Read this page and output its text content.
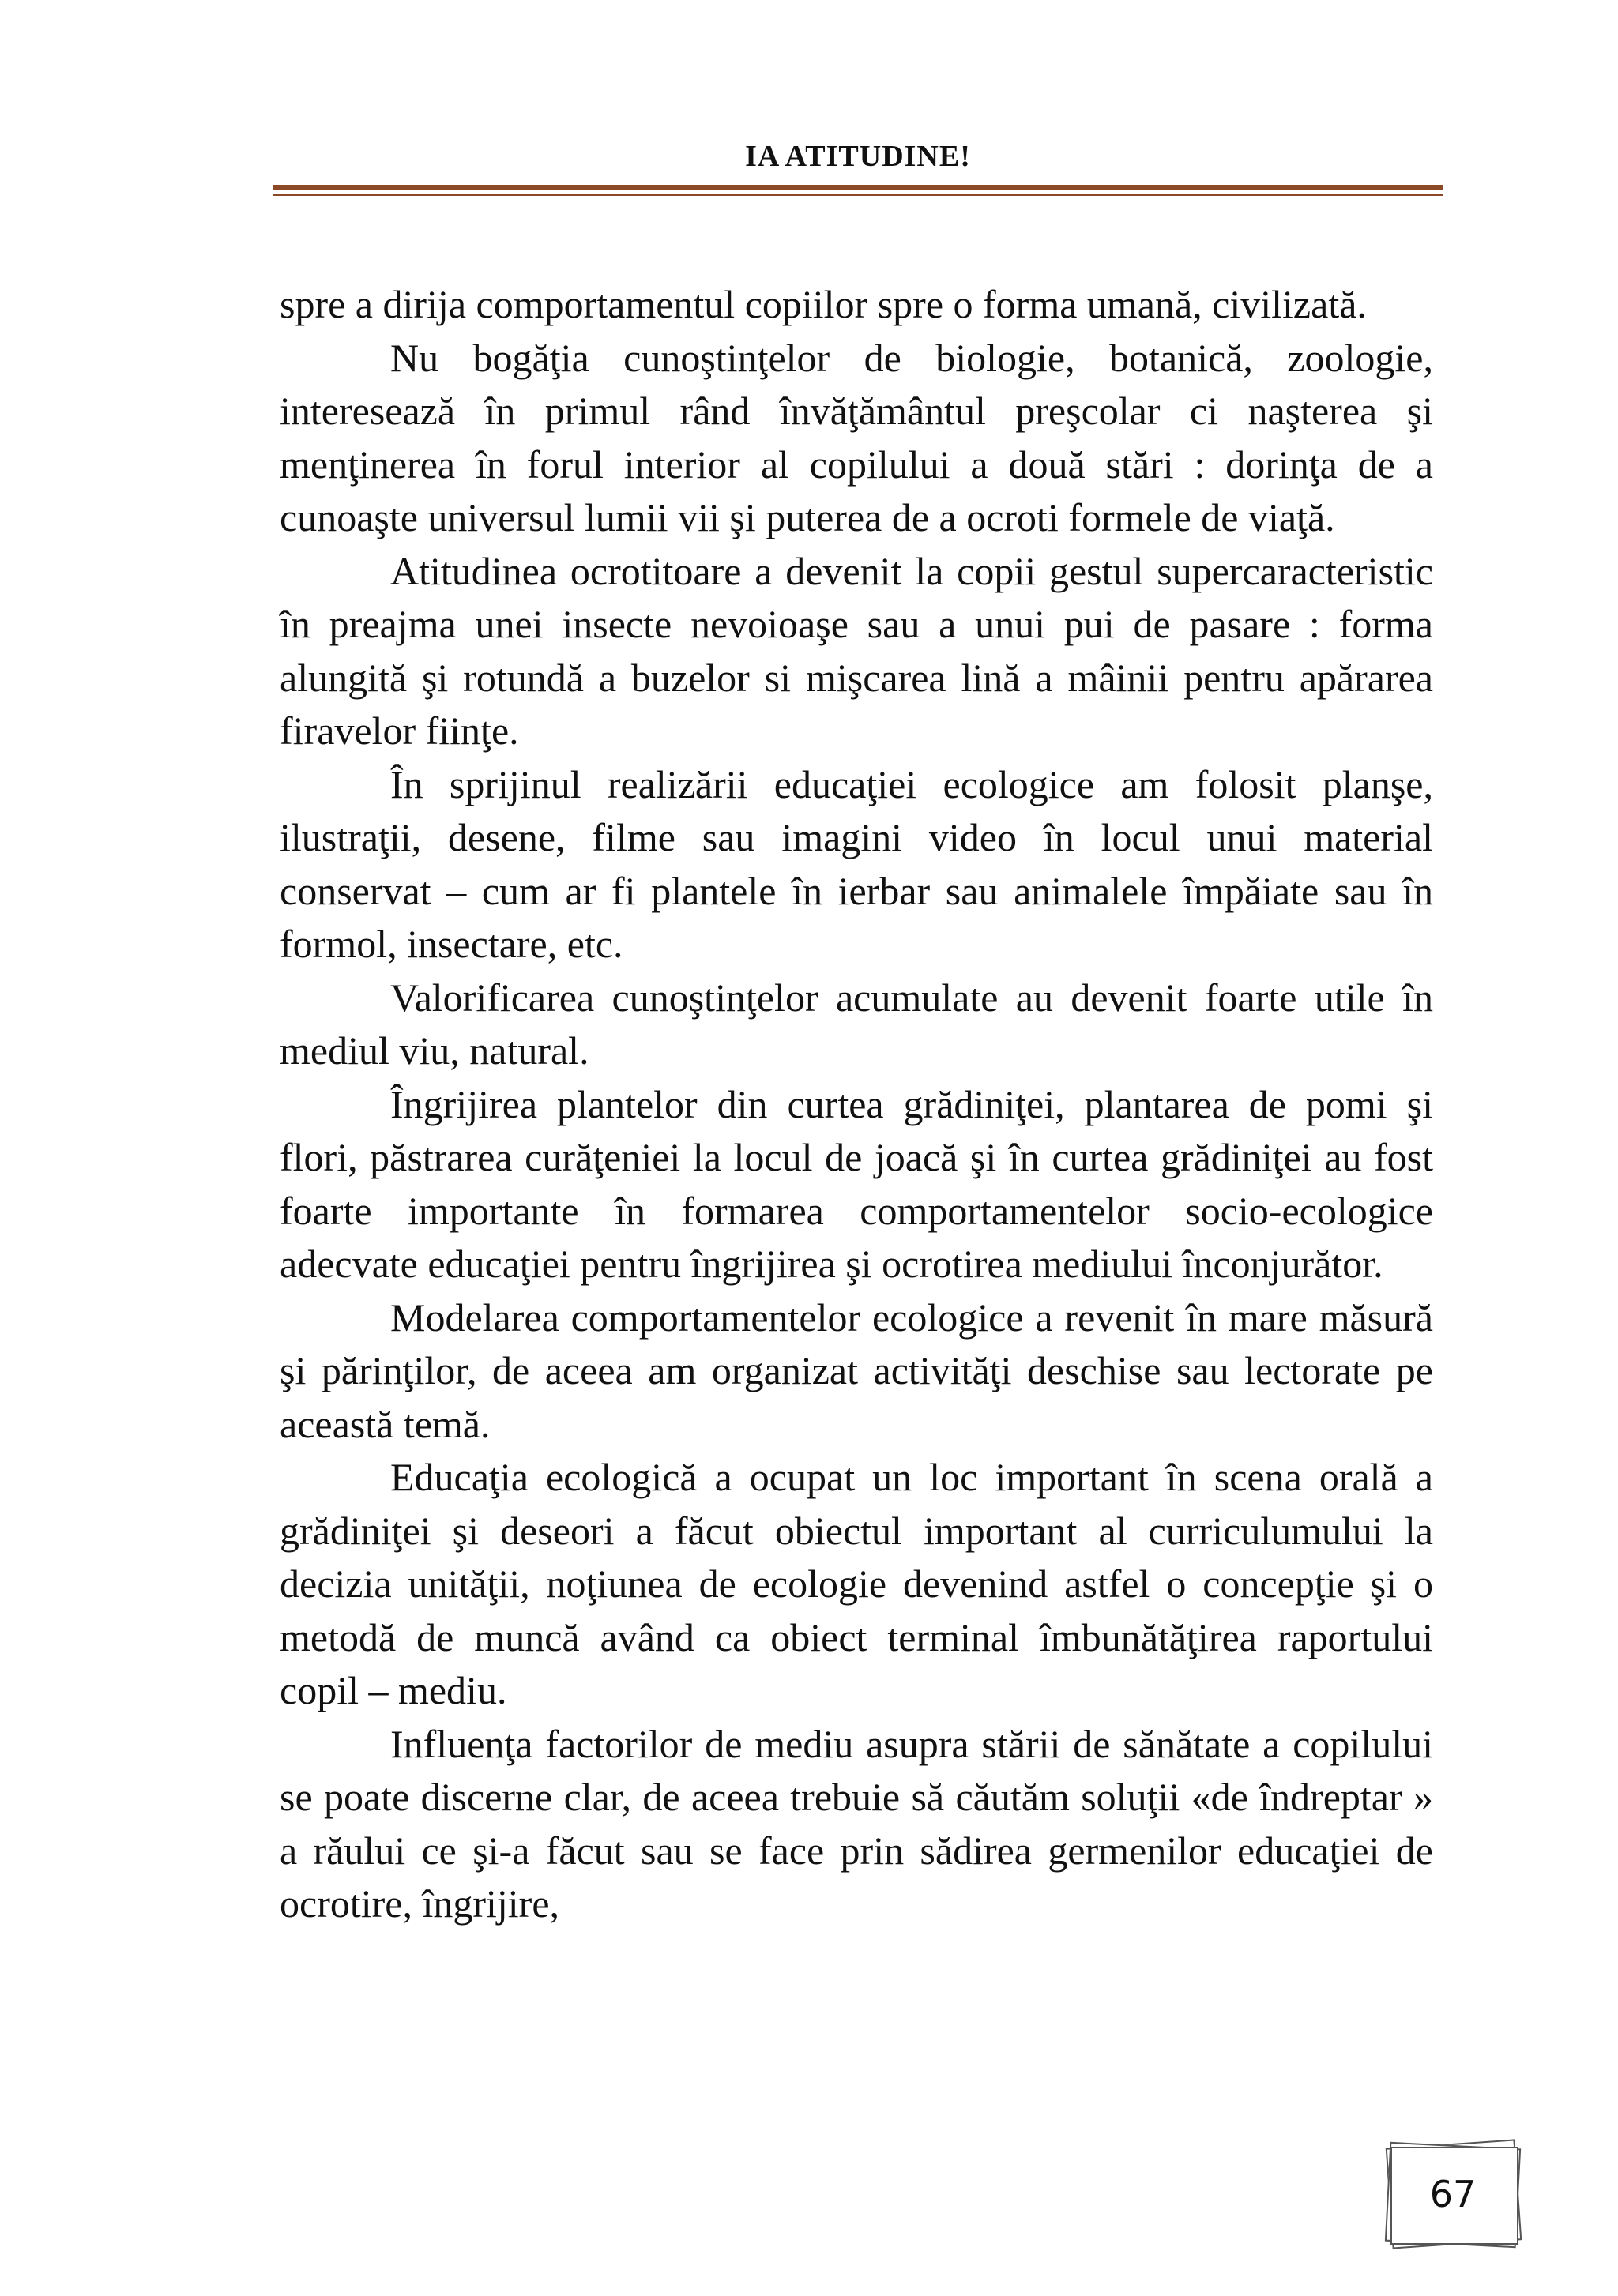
IA ATITUDINE!

spre a dirija comportamentul copiilor spre o forma umană, civilizată.

Nu bogăţia cunoştinţelor de biologie, botanică, zoologie, interesează în primul rând învăţământul preşcolar ci naşterea şi menţinerea în forul interior al copilului a două stări : dorinţa de a cunoaşte universul lumii vii şi puterea de a ocroti formele de viaţă.

Atitudinea ocrotitoare a devenit la copii gestul supercaracteristic în preajma unei insecte nevoioaşe sau a unui pui de pasare : forma alungită şi rotundă a buzelor si mişcarea lină a mâinii pentru apărarea firavelor fiinţe.

În sprijinul realizării educaţiei ecologice am folosit planşe, ilustraţii, desene, filme sau imagini video în locul unui material conservat – cum ar fi plantele în ierbar sau animalele împăiate sau în formol, insectare, etc.

Valorificarea cunoştinţelor acumulate au devenit foarte utile în mediul viu, natural.

Îngrijirea plantelor din curtea grădiniţei, plantarea de pomi şi flori, păstrarea curăţeniei la locul de joacă şi în curtea grădiniţei au fost foarte importante în formarea comportamentelor socio-ecologice adecvate educaţiei pentru îngrijirea şi ocrotirea mediului înconjurător.

Modelarea comportamentelor ecologice a revenit în mare măsură şi părinţilor, de aceea am organizat activităţi deschise sau lectorate pe această temă.

Educaţia ecologică a ocupat un loc important în scena orală a grădiniţei şi deseori a făcut obiectul important al curriculumului la decizia unităţii, noţiunea de ecologie devenind astfel o concepţie şi o metodă de muncă având ca obiect terminal îmbunătăţirea raportului copil – mediu.

Influenţa factorilor de mediu asupra stării de sănătate a copilului se poate discerne clar, de aceea trebuie să căutăm soluţii «de îndreptar » a răului ce şi-a făcut sau se face prin sădirea germenilor educaţiei de ocrotire, îngrijire,

67
